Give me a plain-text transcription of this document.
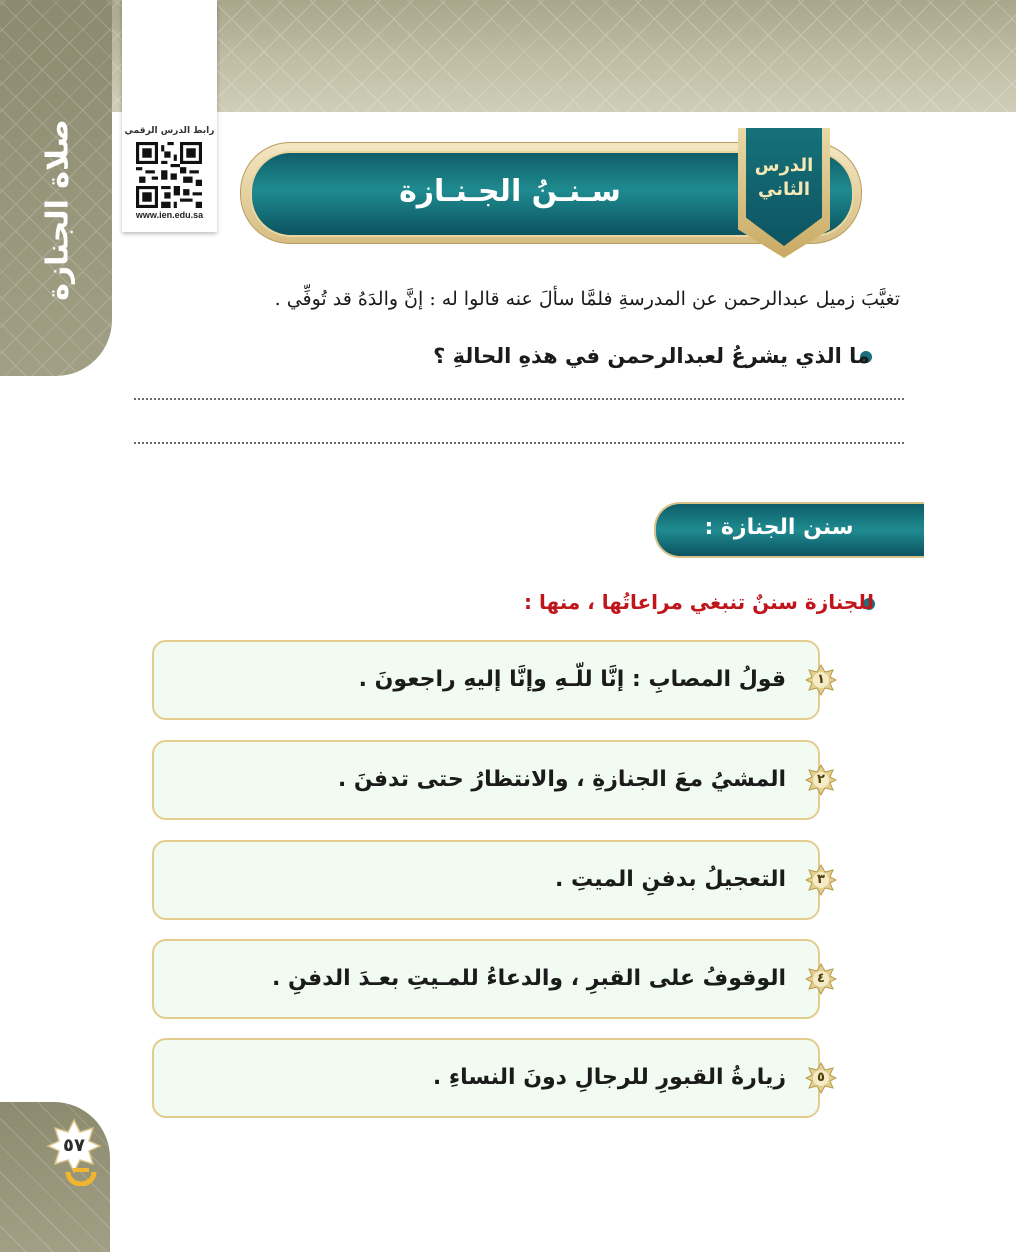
صلاة الجنازة	رابط الدرس الرقمي
www.ien.edu.sa
سـنـنُ الجـنـازة
الدرس
الثاني
تغيَّبَ زميل عبدالرحمن عن المدرسةِ فلمَّا سألَ عنه قالوا له : إنَّ والدَهُ قد تُوفِّي .
ما الذي يشرعُ لعبدالرحمن في هذهِ الحالةِ ؟
سنن الجنازة :
للجنازة سننٌ تنبغي مراعاتُها ، منها :
قولُ المصابِ : إنَّا للّـهِ وإنَّا إليهِ راجعونَ .
المشيُ معَ الجنازةِ ، والانتظارُ حتى تدفنَ .
التعجيلُ بدفنِ الميتِ .
الوقوفُ على القبرِ ، والدعاءُ للمـيتِ بعـدَ الدفنِ .
زيارةُ القبورِ للرجالِ دونَ النساءِ .
١
٢
٣
٤
٥
٥٧
